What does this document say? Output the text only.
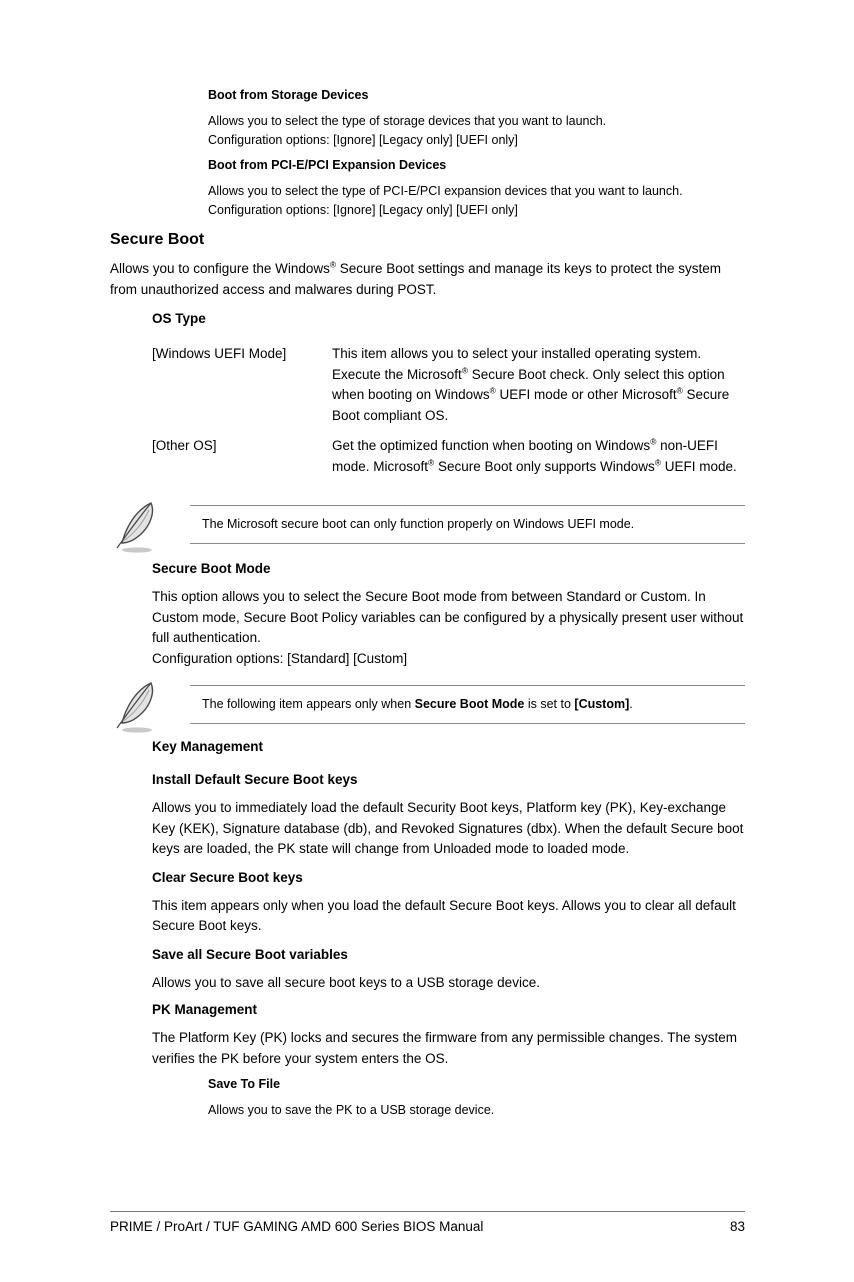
Boot from Storage Devices
Allows you to select the type of storage devices that you want to launch.
Configuration options: [Ignore] [Legacy only] [UEFI only]
Boot from PCI-E/PCI Expansion Devices
Allows you to select the type of PCI-E/PCI expansion devices that you want to launch.
Configuration options: [Ignore] [Legacy only] [UEFI only]
Secure Boot
Allows you to configure the Windows® Secure Boot settings and manage its keys to protect the system from unauthorized access and malwares during POST.
OS Type
[Windows UEFI Mode]	This item allows you to select your installed operating system. Execute the Microsoft® Secure Boot check. Only select this option when booting on Windows® UEFI mode or other Microsoft® Secure Boot compliant OS.
[Other OS]	Get the optimized function when booting on Windows® non-UEFI mode. Microsoft® Secure Boot only supports Windows® UEFI mode.
The Microsoft secure boot can only function properly on Windows UEFI mode.
Secure Boot Mode
This option allows you to select the Secure Boot mode from between Standard or Custom. In Custom mode, Secure Boot Policy variables can be configured by a physically present user without full authentication.
Configuration options: [Standard] [Custom]
The following item appears only when Secure Boot Mode is set to [Custom].
Key Management
Install Default Secure Boot keys
Allows you to immediately load the default Security Boot keys, Platform key (PK), Key-exchange Key (KEK), Signature database (db), and Revoked Signatures (dbx). When the default Secure boot keys are loaded, the PK state will change from Unloaded mode to loaded mode.
Clear Secure Boot keys
This item appears only when you load the default Secure Boot keys. Allows you to clear all default Secure Boot keys.
Save all Secure Boot variables
Allows you to save all secure boot keys to a USB storage device.
PK Management
The Platform Key (PK) locks and secures the firmware from any permissible changes. The system verifies the PK before your system enters the OS.
Save To File
Allows you to save the PK to a USB storage device.
PRIME / ProArt / TUF GAMING AMD 600 Series BIOS Manual	83
